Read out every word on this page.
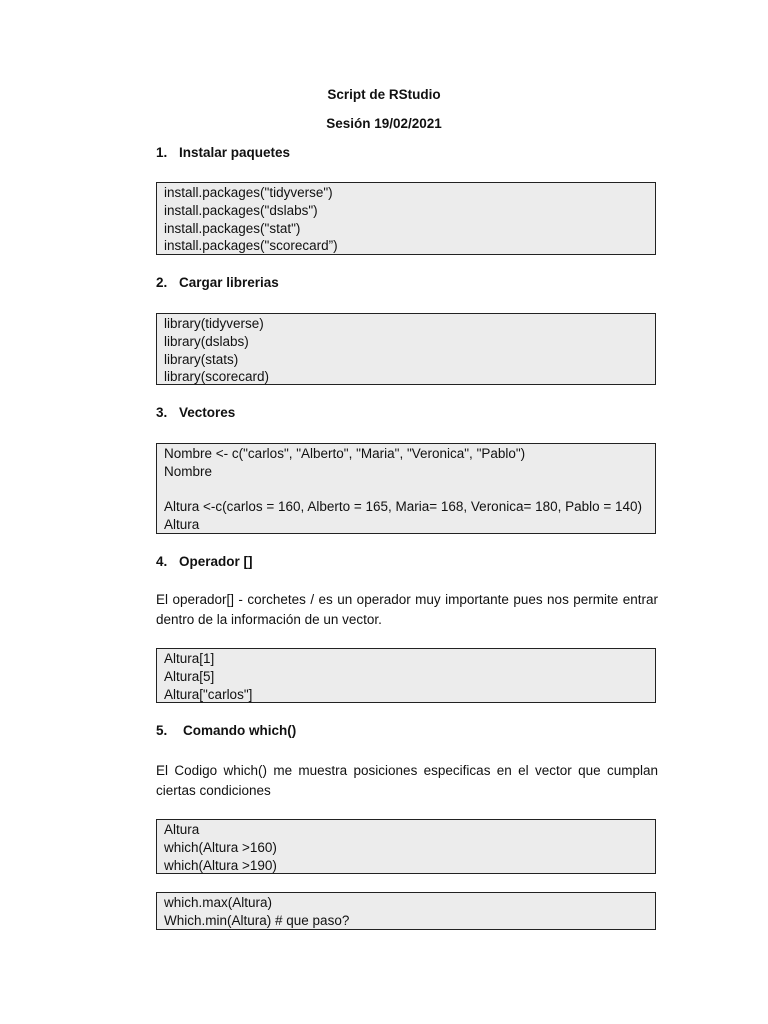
Script de RStudio
Sesión 19/02/2021
1. Instalar paquetes
install.packages("tidyverse")
install.packages("dslabs")
install.packages("stat")
install.packages("scorecard”)
2. Cargar librerias
library(tidyverse)
library(dslabs)
library(stats)
library(scorecard)
3. Vectores
Nombre <- c("carlos", "Alberto", "Maria", "Veronica", "Pablo")
Nombre
Altura <-c(carlos = 160, Alberto = 165, Maria= 168, Veronica= 180, Pablo = 140)
Altura
4. Operador []
El operador[] - corchetes / es un operador muy importante pues nos permite entrar dentro de la información de un vector.
Altura[1]
Altura[5]
Altura["carlos"]
5. Comando which()
El Codigo which() me muestra posiciones especificas en el vector que cumplan ciertas condiciones
Altura
which(Altura >160)
which(Altura >190)
which.max(Altura)
Which.min(Altura) # que paso?
